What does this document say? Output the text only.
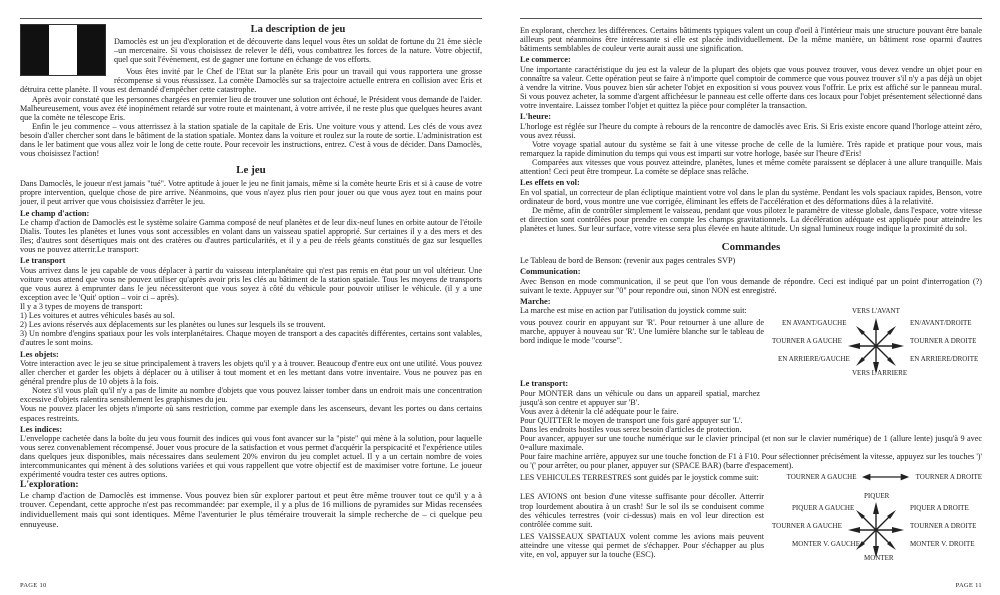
La description de jeu

Damoclès est un jeu d'exploration et de découverte dans lequel vous êtes un soldat de fortune du 21 ème siècle –un mercenaire. Si vous choisissez de relever le défi, vous combattrez les forces de la nature. Votre objectif, quel que soit l'évènement, est de gagner une fortune en échange de vos efforts.

Vous êtes invité par le Chef de l'Etat sur la planète Eris pour un travail qui vous rapportera une grosse récompense si vous réussissez. La comète Damoclès sur sa trajectoire actuelle entrera en collision avec Eris et détruira cette planète. Il vous est demandé d'empêcher cette catastrophe.

Après avoir constaté que les personnes chargées en premier lieu de trouver une solution ont échoué, le Président vous demande de l'aider. Malheureusement, vous avez été inopinément retardé sur votre route et maintenant, à votre arrivée, il ne reste plus que quelques heures avant que la comète ne télescope Eris.

Enfin le jeu commence – vous atterrissez à la station spatiale de la capitale de Eris. Une voiture vous y attend. Les clés de vous avez besoin d'aller chercher sont dans le bâtiment de la station spatiale. Montez dans la voiture et roulez sur la route de sortie. L'administration est dans le ler batiment que vous allez voir le long de cette route. Pour recevoir les instructions, entrez. C'est à vous de décider. Dans Damoclès, vous choisissez l'action!

Le jeu

Dans Damoclès, le joueur n'est jamais "tué". Votre aptitude à jouer le jeu ne finit jamais, même si la comète heurte Eris et si à cause de votre propre intervention, quelque chose de pire arrive. Néanmoins, que vous n'ayez plus rien pour jouer ou que vous ayez tout en mains pour jouer, il peut arriver que vous choisissiez d'arrêter le jeu.

Le champ d'action:

Le champ d'action de Damoclès est le système solaire Gamma composé de neuf planètes et de leur dix-neuf lunes en orbite autour de l'étoile Dialis. Toutes les planètes et lunes vous sont accessibles en volant dans un vaisseau spatiel approprié. Sur certaines il y a des mers et des îles; d'autres sont désertiques mais ont des cratères ou d'autres particularités, et il y a peu de réels géants constitués de gaz sur lesquelles vous ne pouvez atterrir.Le transport:

Le transport

Vous arrivez dans le jeu capable de vous déplacer à partir du vaisseau interplanétaire qui n'est pas remis en état pour un vol ultérieur. Une voiture vous attend que vous ne pouvez utiliser qu'après avoir pris les clés au bâtiment de la station spatiale. Tous les moyens de transports que vous aurez à emprunter dans le jeu nécessiteront que vous soyez à côté du véhicule pour pouvoir utiliser le véhicule. (il y a une exception avec le 'Quit' option – voir ci – après).

Il y a 3 types de moyens de transport:

1) Les voitures et autres véhicules basés au sol.

2) Les avions réservés aux déplacements sur les planètes ou lunes sur lesquels ils se trouvent.

3) Un nombre d'engins spatiaux pour les vols interplanétaires. Chaque moyen de transport a des capacités différentes, certains sont valables, d'autres le sont moins.

Les objets:

Votre interaction avec le jeu se situe principalement à travers les objets qu'il y a à trouver. Beaucoup d'entre eux ont une utilité. Vous pouvez aller chercher et garder les objets à déplacer ou à utiliser à tout moment et en les mettant dans votre inventaire. Vous ne pouvez pas en général prendre plus de 10 objets à la fois.

Notez s'il vous plaît qu'il n'y a pas de limite au nombre d'objets que vous pouvez laisser tomber dans un endroit mais une concentration excessive d'objets ralentira sensiblement les graphismes du jeu.

Vous ne pouvez placer les objets n'importe où sans restriction, comme par exemple dans les ascenseurs, devant les portes ou dans certains espaces restreints.

Les indices:

L'enveloppe cachetée dans la boîte du jeu vous fournit des indices qui vous font avancer sur la "piste" qui mène à la solution, pour laquelle vous serez convenablement récompensé. Jouer vous procure de la satisfaction et vous permet d'acquérir la perspicacité et l'expérience utiles dans quelques jeux disponibles, mais nécessaires dans seulement 20% environ du jeu complet actuel. Il y a un certain nombre de voies intercommunicantes qui mènent à des solutions variées et qui vous rappellent que votre objectif est de maximiser votre fortune. Le joueur expérimenté voudra tester ces autres options.

L'exploration:

Le champ d'action de Damoclès est immense. Vous pouvez bien sûr explorer partout et peut être même trouver tout ce qu'il y a à trouver. Cependant, cette approche n'est pas recommandée: par exemple, il y a plus de 16 millions de pyramides sur Midas recensées individuellement mais qui sont identiques. Même l'aventurier le plus téméraire trouverait la simple recherche de – ci quelque peu ennuyeuse.

PAGE 10

En explorant, cherchez les différences. Certains bâtiments typiques valent un coup d'oeil à l'intérieur mais une structure pouvant être banale ailleurs peut néanmoins être intéressante si elle est placée individuellement. De la même manière, un bâtiment rose oparmi d'autres bâtiments semblables de couleur verte aurait aussi une signification.

Le commerce:

Une importante caractéristique du jeu est la valeur de la plupart des objets que vous pouvez trouver, vous devez vendre un objet pour en connaître sa valeur. Cette opération peut se faire à n'importe quel comptoir de commerce que vous pouvez trouver s'il n'y a pas déjà un objet à vendre la vitrine. Vous pouvez bien sûr acheter l'objet en exposition si vous pouvez vous l'offrir. Le prix est affiché sur le panneau mural. Si vous pouvez acheter, la somme d'argent affichéesur le panneau est celle offerte dans ces locaux pour l'objet présentement sélectionné dans votre inventaire. Laissez tomber l'objet et quittez la pièce pour compléter la transaction.

L'heure:

L'horloge est réglée sur l'heure du compte à rebours de la rencontre de damoclès avec Eris. Si Eris existe encore quand l'horloge atteint zéro, vous avez réussi.

Votre voyage spatial autour du système se fait à une vitesse proche de celle de la lumière. Très rapide et pratique pour vous, mais remarquez la rapide diminution du temps qui vous est imparti sur votre horloge, basée sur l'heure d'Eris!

Comparées aux vitesses que vous pouvez atteindre, planètes, lunes et même comète paraissent se déplacer à une allure tranquille. Mais attention! Ceci peut être trompeur. La comète se déplace snas relâche.

Les effets en vol:

En vol spatial, un correcteur de plan écliptique maintient votre vol dans le plan du système. Pendant les vols spaciaux rapides, Benson, votre ordinateur de bord, vous montre une vue corrigée, éliminant les effets de l'accélération et des déformations dûes à la relativité.

De même, afin de contrôler simplement le vaisseau, pendant que vous pilotez le paramètre de vitesse globale, dans l'espace, votre vitesse et direction sont contrôlées pour prendre en compte les champs gravitationnels. La décélération adéquate est appliquée pour atteindre les planètes et lunes. Sur leur surface, votre vitesse sera plus élevée en haute altitude. Un signal lumineux rouge indique la proximité du sol.

Commandes

Le Tableau de bord de Benson: (revenir aux pages centrales SVP)

Communication:

Avec Benson en mode communication, il se peut que l'on vous demande de répondre. Ceci est indiqué par un point d'interrogation (?) suivant le texte. Appuyer sur "0" pour repondre oui, sinon NON est enregistré.

Marche:

La marche est mise en action par l'utilisation du joystick comme suit:

vous pouvez courir en appuyant sur 'R'. Pour retourner à une allure de marche, appuyer à nouveau sur 'R'. Une lumière blanche sur le tableau de bord indique le mode "course".

VERS L'AVANT
EN AVANT/GAUCHE	EN/AVANT/DROITE
TOURNER A GAUCHE	TOURNER A DROITE
EN ARRIERE/GAUCHE	EN ARRIERE/DROITE
VERS L'ARRIERE

Le transport:

Pour MONTER dans un véhicule ou dans un appareil spatial, marchez jusqu'à son centre et appuyer sur 'B'.

Vous avez à détenir la clé adéquate pour le faire.

Pour QUITTER le moyen de transport une fois garé appuyer sur 'L'.

Dans les endroits hostiles vous serez besoin d'articles de protection.

Pour avancer, appuyer sur une touche numérique sur le clavier principal (et non sur le clavier numérique) de 1 (allure lente) jusqu'à 9 avec 0=allure maximale.

Pour faire machine arrière, appuyez sur une touche fonction de F1 à F10. Pour sélectionner précisément la vitesse, appuyez sur les touches ')' ou '(' pour arrêter, ou pour planer, appuyer sur (SPACE BAR) (barre d'espacement).

LES VEHICULES TERRESTRES sont guidés par le joystick comme suit:	TOURNER A GAUCHE	TOURNER A DROITE

LES AVIONS ont besion d'une vitesse suffisante pour décoller. Atterrir trop lourdement aboutira à un crash! Sur le sol ils se conduisent comme des véhicules terrestres (voir ci-dessus) mais en vol leur direction est contrôlée comme suit.

LES VAISSEAUX SPATIAUX volent comme les avions mais peuvent atteindre une vitesse qui permet de s'échapper. Pour s'échapper au plus vite, en vol, appuyer sur la touche (ESC).

PIQUER
PIQUER A GAUCHE	PIQUER A DROITE
TOURNER A GAUCHE	TOURNER A DROITE
MONTER V. GAUCHE	MONTER V. DROITE
MONTER
PAGE 11
